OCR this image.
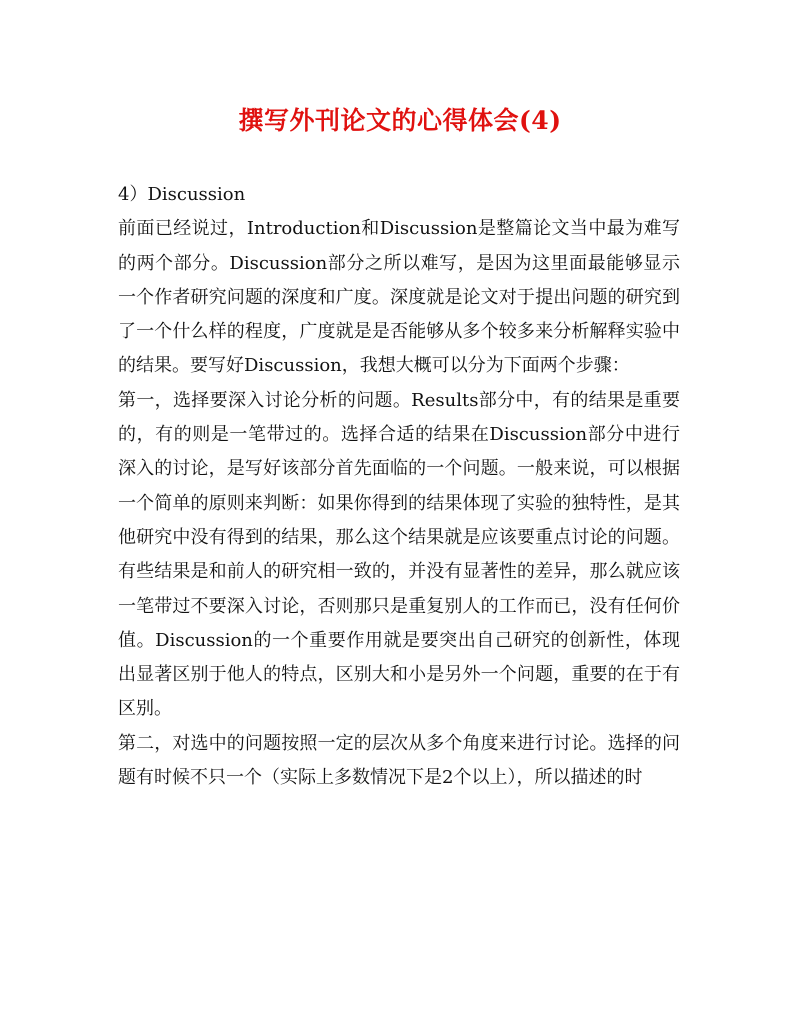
撰写外刊论文的心得体会(4)

4）Discussion

前面已经说过，Introduction和Discussion是整篇论文当中最为难写的两个部分。Discussion部分之所以难写，是因为这里面最能够显示一个作者研究问题的深度和广度。深度就是论文对于提出问题的研究到了一个什么样的程度，广度就是是否能够从多个较多来分析解释实验中的结果。要写好Discussion，我想大概可以分为下面两个步骤：

第一，选择要深入讨论分析的问题。Results部分中，有的结果是重要的，有的则是一笔带过的。选择合适的结果在Discussion部分中进行深入的讨论，是写好该部分首先面临的一个问题。一般来说，可以根据一个简单的原则来判断：如果你得到的结果体现了实验的独特性，是其他研究中没有得到的结果，那么这个结果就是应该要重点讨论的问题。有些结果是和前人的研究相一致的，并没有显著性的差异，那么就应该一笔带过不要深入讨论，否则那只是重复别人的工作而已，没有任何价值。Discussion的一个重要作用就是要突出自己研究的创新性，体现出显著区别于他人的特点，区别大和小是另外一个问题，重要的在于有区别。

第二，对选中的问题按照一定的层次从多个角度来进行讨论。选择的问题有时候不只一个（实际上多数情况下是2个以上），所以描述的时
